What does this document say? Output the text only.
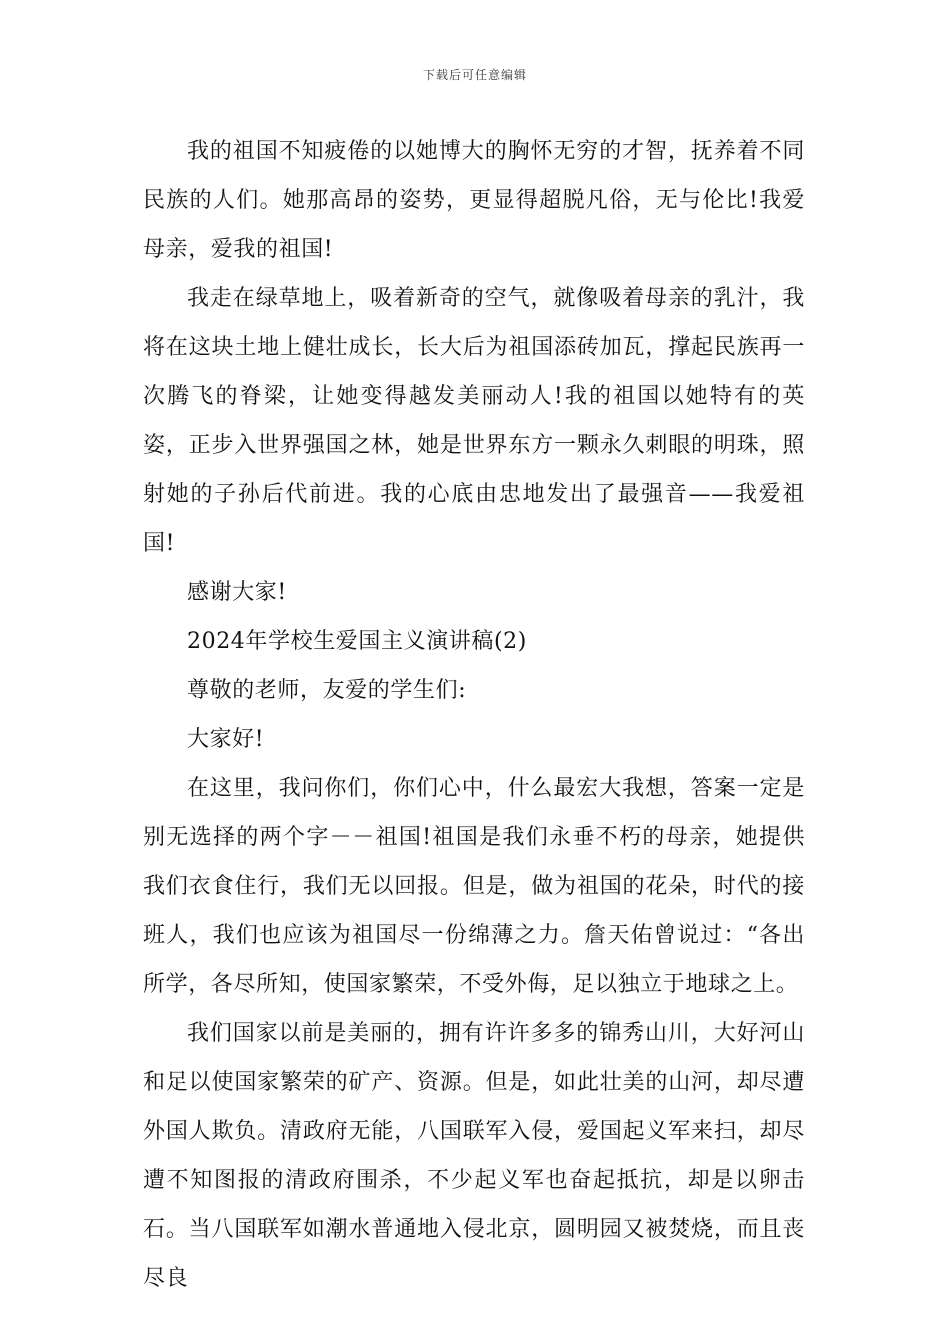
下载后可任意编辑

我的祖国不知疲倦的以她博大的胸怀无穷的才智，抚养着不同民族的人们。她那高昂的姿势，更显得超脱凡俗，无与伦比!我爱母亲，爱我的祖国!

我走在绿草地上，吸着新奇的空气，就像吸着母亲的乳汁，我将在这块土地上健壮成长，长大后为祖国添砖加瓦，撑起民族再一次腾飞的脊梁，让她变得越发美丽动人!我的祖国以她特有的英姿，正步入世界强国之林，她是世界东方一颗永久刺眼的明珠，照射她的子孙后代前进。我的心底由忠地发出了最强音——我爱祖国!

感谢大家!

2024年学校生爱国主义演讲稿(2)

尊敬的老师，友爱的学生们:

大家好!

在这里，我问你们，你们心中，什么最宏大我想，答案一定是别无选择的两个字－－祖国!祖国是我们永垂不朽的母亲，她提供我们衣食住行，我们无以回报。但是，做为祖国的花朵，时代的接班人，我们也应该为祖国尽一份绵薄之力。詹天佑曾说过：“各出所学，各尽所知，使国家繁荣，不受外侮，足以独立于地球之上。

我们国家以前是美丽的，拥有许许多多的锦秀山川，大好河山和足以使国家繁荣的矿产、资源。但是，如此壮美的山河，却尽遭外国人欺负。清政府无能，八国联军入侵，爱国起义军来扫，却尽遭不知图报的清政府围杀，不少起义军也奋起抵抗，却是以卵击石。当八国联军如潮水普通地入侵北京，圆明园又被焚烧，而且丧尽良
